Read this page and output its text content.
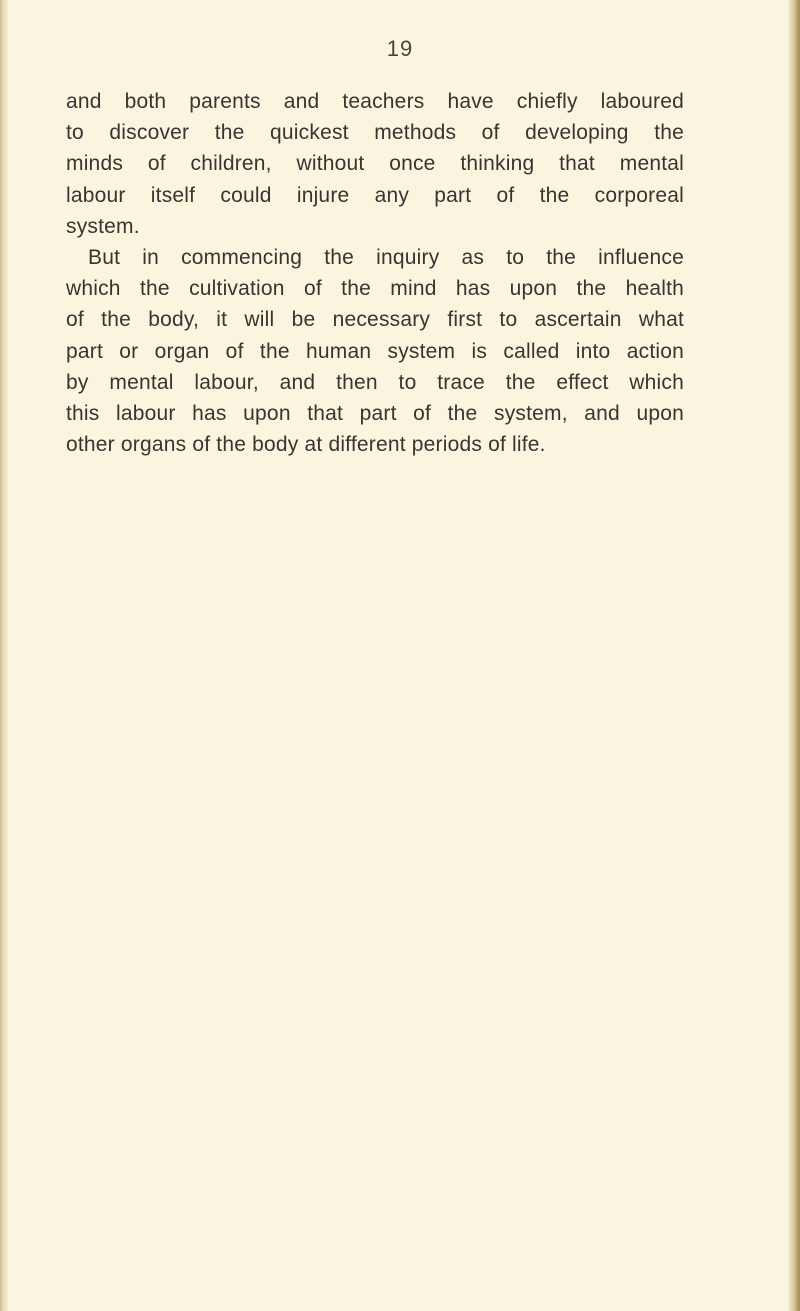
19
and both parents and teachers have chiefly laboured
to discover the quickest methods of developing the
minds of children, without once thinking that mental
labour itself could injure any part of the corporeal
system.
But in commencing the inquiry as to the influence
which the cultivation of the mind has upon the health
of the body, it will be necessary first to ascertain what
part or organ of the human system is called into action
by mental labour, and then to trace the effect which
this labour has upon that part of the system, and upon
other organs of the body at different periods of life.
